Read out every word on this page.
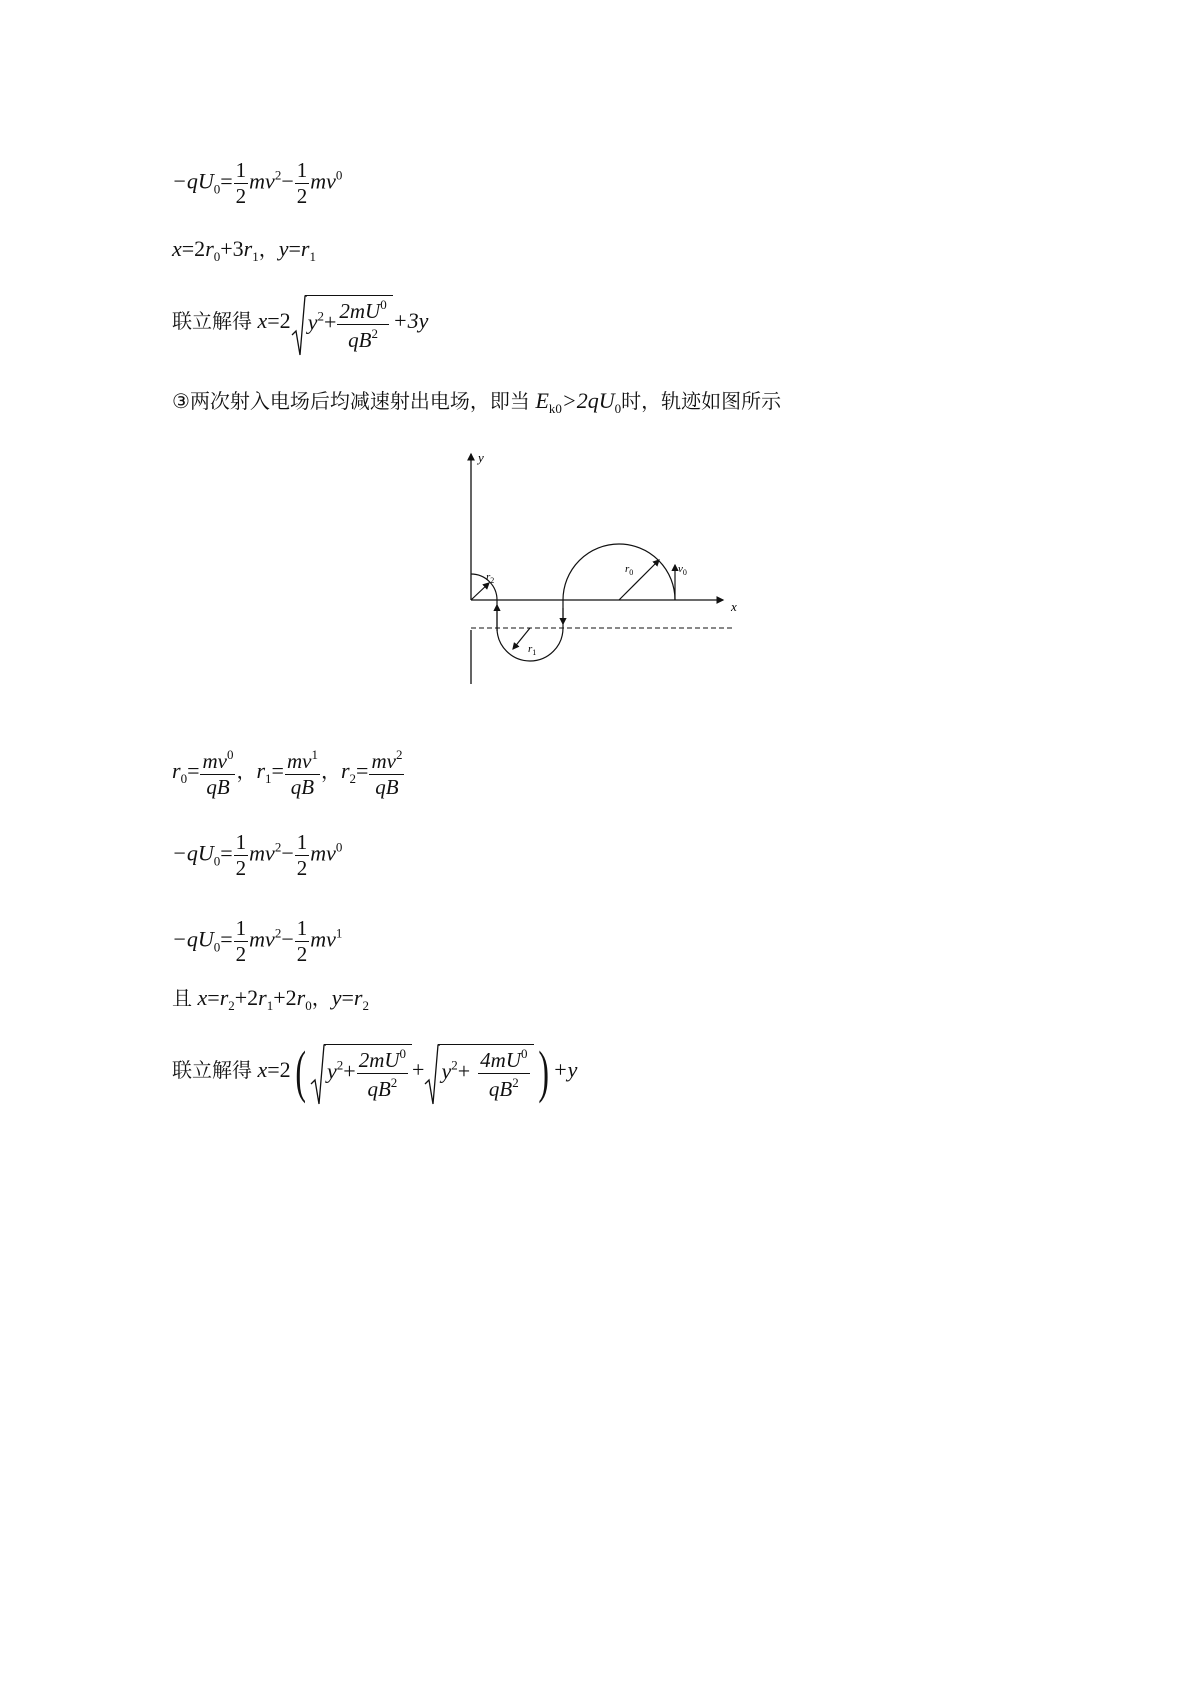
$-qU_0= \frac{1}{2} mv^2- \frac{1}{2} mv^0$
$x=2r_0+3r_1$，$y=r_1$
联立解得 x=2 $y^2+ \frac{2mU^0}{qB^2} +3y$
③两次射入电场后均减速射出电场，即当 $E_{k0}>2qU_0$时，轨迹如图所示
y
x
$r_2$
$r_1$
$r_0$	$v_0$
$r_0= \frac{mv^0}{qB}$ ，$r_1= \frac{mv^1}{qB}$ ，$r_2= \frac{mv^2}{qB}$
$-qU_0= \frac{1}{2} mv^2- \frac{1}{2} mv^0$
$-qU_0= \frac{1}{2} mv^2- \frac{1}{2} mv^1$
且 $x=r_2+2r_1+2r_0$，$y=r_2$
联立解得 x=2( $y^2+ \frac{2mU^0}{qB^2} + y^2+ \frac{4mU^0}{qB^2}$ ) +y
